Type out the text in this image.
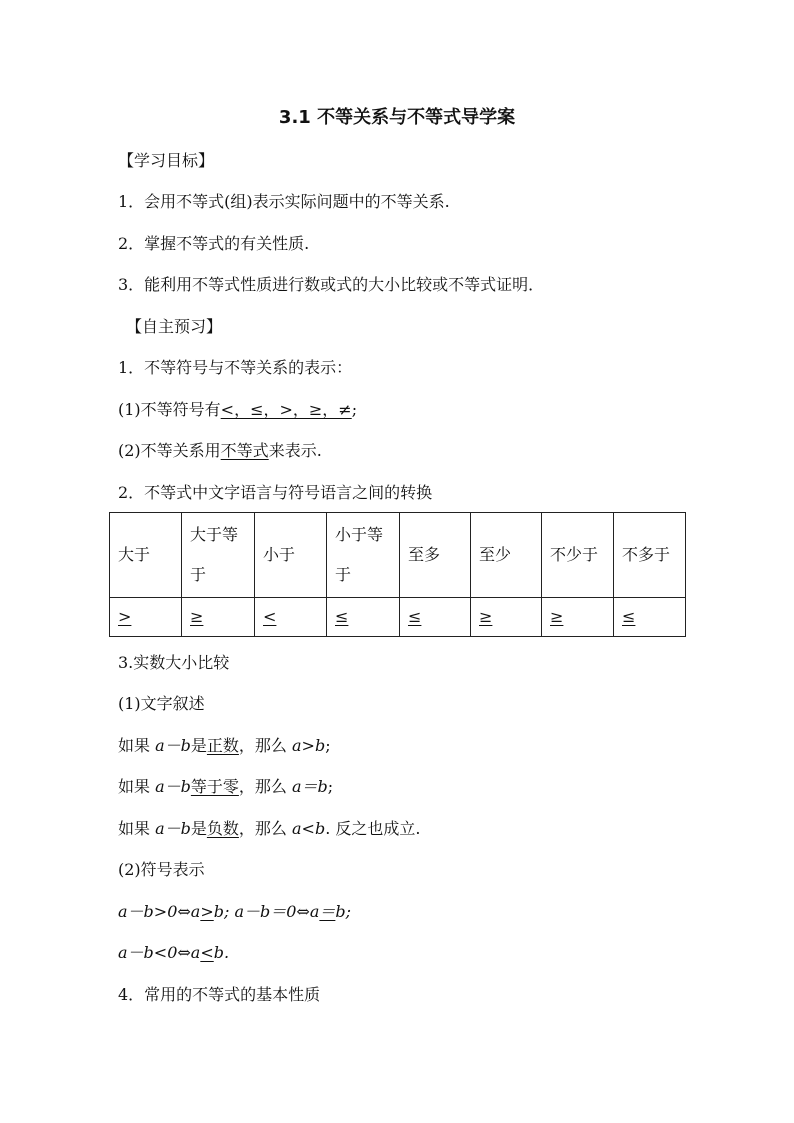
3.1 不等关系与不等式导学案
【学习目标】
1．会用不等式(组)表示实际问题中的不等关系.
2．掌握不等式的有关性质.
3．能利用不等式性质进行数或式的大小比较或不等式证明．
【自主预习】
1．不等符号与不等关系的表示：
(1)不等符号有<，≤，>，≥，≠;
(2)不等关系用不等式来表示.
2．不等式中文字语言与符号语言之间的转换
大于	大于等于	小于	小于等于	至多	至少	不少于	不多于
>	≥	<	≤	≤	≥	≥	≤
3.实数大小比较
(1)文字叙述
如果 a－b是正数，那么 a>b;
如果 a－b等于零，那么 a＝b;
如果 a－b是负数，那么 a<b. 反之也成立.
(2)符号表示
a－b>0⇔a>b; a－b＝0⇔a＝b;
a－b<0⇔a<b.
4．常用的不等式的基本性质
